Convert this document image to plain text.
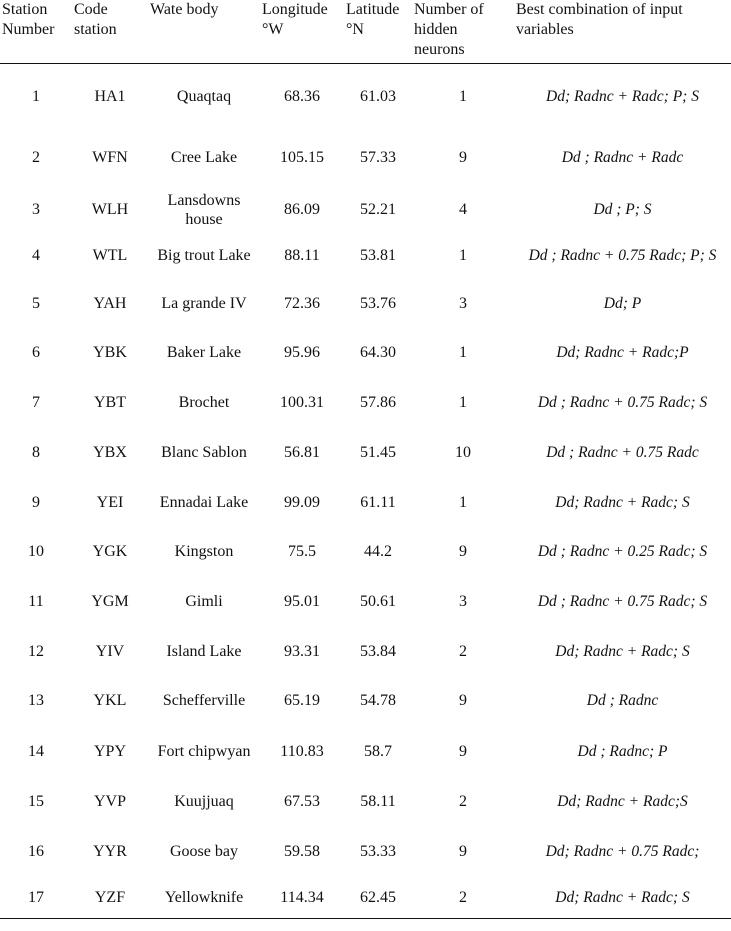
Station Number	Code station	Wate body	Longitude °W	Latitude °N	Number of hidden neurons	Best combination of input variables
1	HA1	Quaqtaq	68.36	61.03	1	Dd; Radnc + Radc; P; S
2	WFN	Cree Lake	105.15	57.33	9	Dd ; Radnc + Radc
3	WLH	Lansdowns house	86.09	52.21	4	Dd ; P; S
4	WTL	Big trout Lake	88.11	53.81	1	Dd ; Radnc + 0.75 Radc; P; S
5	YAH	La grande IV	72.36	53.76	3	Dd; P
6	YBK	Baker Lake	95.96	64.30	1	Dd; Radnc + Radc;P
7	YBT	Brochet	100.31	57.86	1	Dd ; Radnc + 0.75 Radc; S
8	YBX	Blanc Sablon	56.81	51.45	10	Dd ; Radnc + 0.75 Radc
9	YEI	Ennadai Lake	99.09	61.11	1	Dd; Radnc + Radc; S
10	YGK	Kingston	75.5	44.2	9	Dd ; Radnc + 0.25 Radc; S
11	YGM	Gimli	95.01	50.61	3	Dd ; Radnc + 0.75 Radc; S
12	YIV	Island Lake	93.31	53.84	2	Dd; Radnc + Radc; S
13	YKL	Schefferville	65.19	54.78	9	Dd ; Radnc
14	YPY	Fort chipwyan	110.83	58.7	9	Dd ; Radnc; P
15	YVP	Kuujjuaq	67.53	58.11	2	Dd; Radnc + Radc;S
16	YYR	Goose bay	59.58	53.33	9	Dd; Radnc + 0.75 Radc;
17	YZF	Yellowknife	114.34	62.45	2	Dd; Radnc + Radc; S
